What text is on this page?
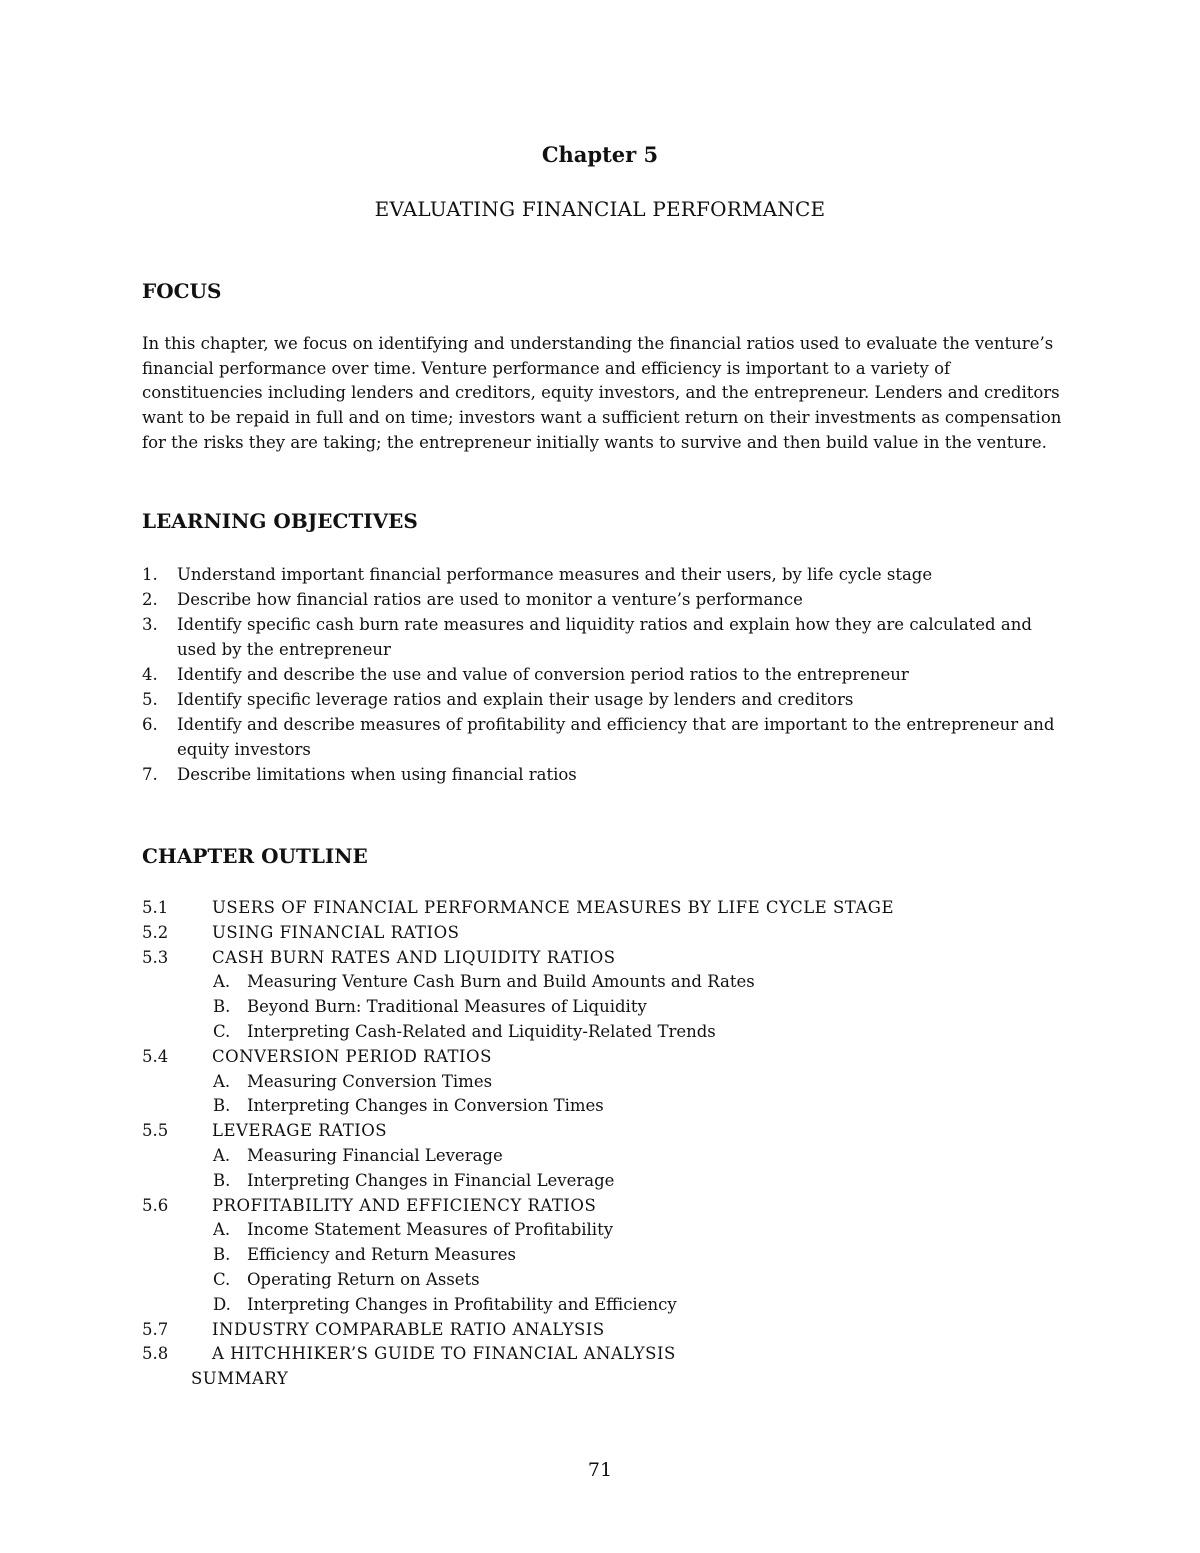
Chapter 5
EVALUATING FINANCIAL PERFORMANCE
FOCUS

In this chapter, we focus on identifying and understanding the financial ratios used to evaluate the venture’s financial performance over time. Venture performance and efficiency is important to a variety of constituencies including lenders and creditors, equity investors, and the entrepreneur. Lenders and creditors want to be repaid in full and on time; investors want a sufficient return on their investments as compensation for the risks they are taking; the entrepreneur initially wants to survive and then build value in the venture.

LEARNING OBJECTIVES
1. Understand important financial performance measures and their users, by life cycle stage
2. Describe how financial ratios are used to monitor a venture’s performance
3. Identify specific cash burn rate measures and liquidity ratios and explain how they are calculated and used by the entrepreneur
4. Identify and describe the use and value of conversion period ratios to the entrepreneur
5. Identify specific leverage ratios and explain their usage by lenders and creditors
6. Identify and describe measures of profitability and efficiency that are important to the entrepreneur and equity investors
7. Describe limitations when using financial ratios
CHAPTER OUTLINE
5.1	USERS OF FINANCIAL PERFORMANCE MEASURES BY LIFE CYCLE STAGE
5.2	USING FINANCIAL RATIOS
5.3	CASH BURN RATES AND LIQUIDITY RATIOS
A. Measuring Venture Cash Burn and Build Amounts and Rates
B. Beyond Burn: Traditional Measures of Liquidity
C. Interpreting Cash-Related and Liquidity-Related Trends
5.4	CONVERSION PERIOD RATIOS
A. Measuring Conversion Times
B. Interpreting Changes in Conversion Times
5.5	LEVERAGE RATIOS
A. Measuring Financial Leverage
B. Interpreting Changes in Financial Leverage
5.6	PROFITABILITY AND EFFICIENCY RATIOS
A. Income Statement Measures of Profitability
B. Efficiency and Return Measures
C. Operating Return on Assets
D. Interpreting Changes in Profitability and Efficiency
5.7	INDUSTRY COMPARABLE RATIO ANALYSIS
5.8	A HITCHHIKER’S GUIDE TO FINANCIAL ANALYSIS
SUMMARY
71
